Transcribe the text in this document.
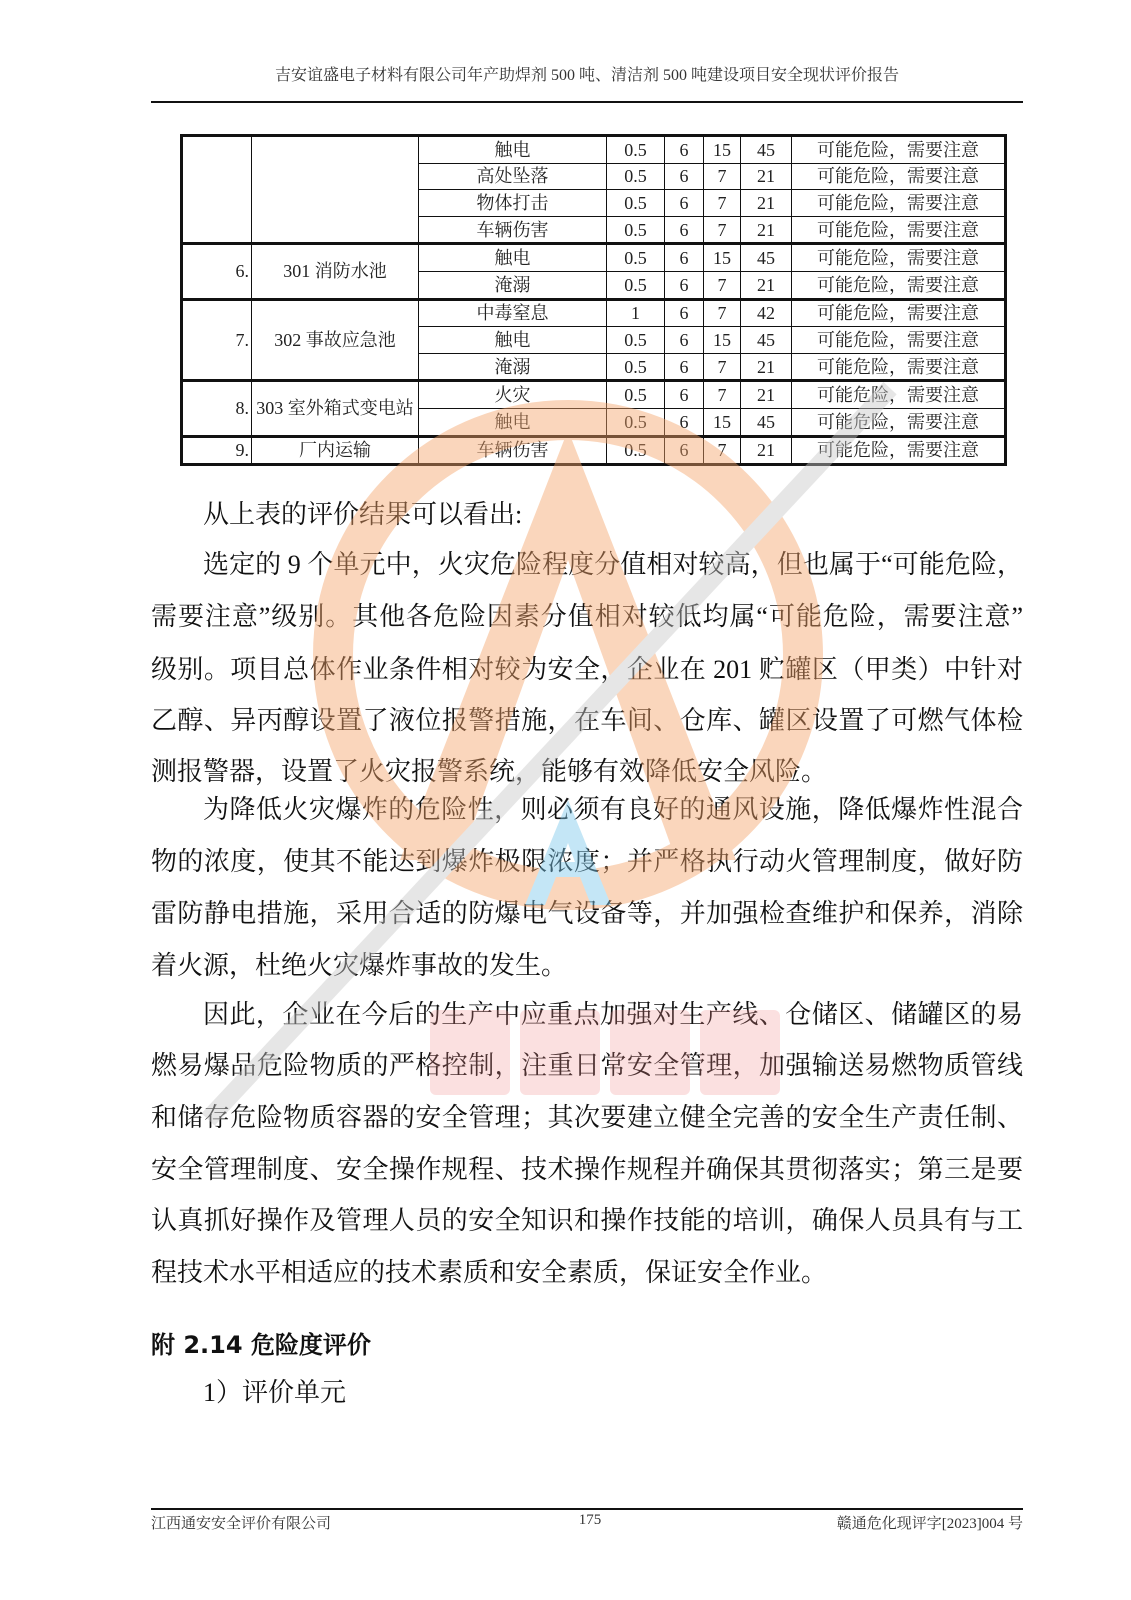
吉安谊盛电子材料有限公司年产助焊剂 500 吨、清洁剂 500 吨建设项目安全现状评价报告
		触电	0.5	6	15	45	可能危险，需要注意
		高处坠落	0.5	6	7	21	可能危险，需要注意
		物体打击	0.5	6	7	21	可能危险，需要注意
		车辆伤害	0.5	6	7	21	可能危险，需要注意
6.	301 消防水池	触电	0.5	6	15	45	可能危险，需要注意
		淹溺	0.5	6	7	21	可能危险，需要注意
7.	302 事故应急池	中毒窒息	1	6	7	42	可能危险，需要注意
		触电	0.5	6	15	45	可能危险，需要注意
		淹溺	0.5	6	7	21	可能危险，需要注意
8.	303 室外箱式变电站	火灾	0.5	6	7	21	可能危险，需要注意
		触电	0.5	6	15	45	可能危险，需要注意
9.	厂内运输	车辆伤害	0.5	6	7	21	可能危险，需要注意
从上表的评价结果可以看出:
选定的 9 个单元中，火灾危险程度分值相对较高，但也属于“可能危险，
需要注意”级别。其他各危险因素分值相对较低均属“可能危险，需要注意”
级别。项目总体作业条件相对较为安全，企业在 201 贮罐区（甲类）中针对
乙醇、异丙醇设置了液位报警措施，在车间、仓库、罐区设置了可燃气体检
测报警器，设置了火灾报警系统，能够有效降低安全风险。
为降低火灾爆炸的危险性，则必须有良好的通风设施，降低爆炸性混合
物的浓度，使其不能达到爆炸极限浓度；并严格执行动火管理制度，做好防
雷防静电措施，采用合适的防爆电气设备等，并加强检查维护和保养，消除
着火源，杜绝火灾爆炸事故的发生。
因此，企业在今后的生产中应重点加强对生产线、仓储区、储罐区的易
燃易爆品危险物质的严格控制，注重日常安全管理，加强输送易燃物质管线
和储存危险物质容器的安全管理；其次要建立健全完善的安全生产责任制、
安全管理制度、安全操作规程、技术操作规程并确保其贯彻落实；第三是要
认真抓好操作及管理人员的安全知识和操作技能的培训，确保人员具有与工
程技术水平相适应的技术素质和安全素质，保证安全作业。
附 2.14 危险度评价
1）评价单元
江西通安安全评价有限公司	175	赣通危化现评字[2023]004 号
